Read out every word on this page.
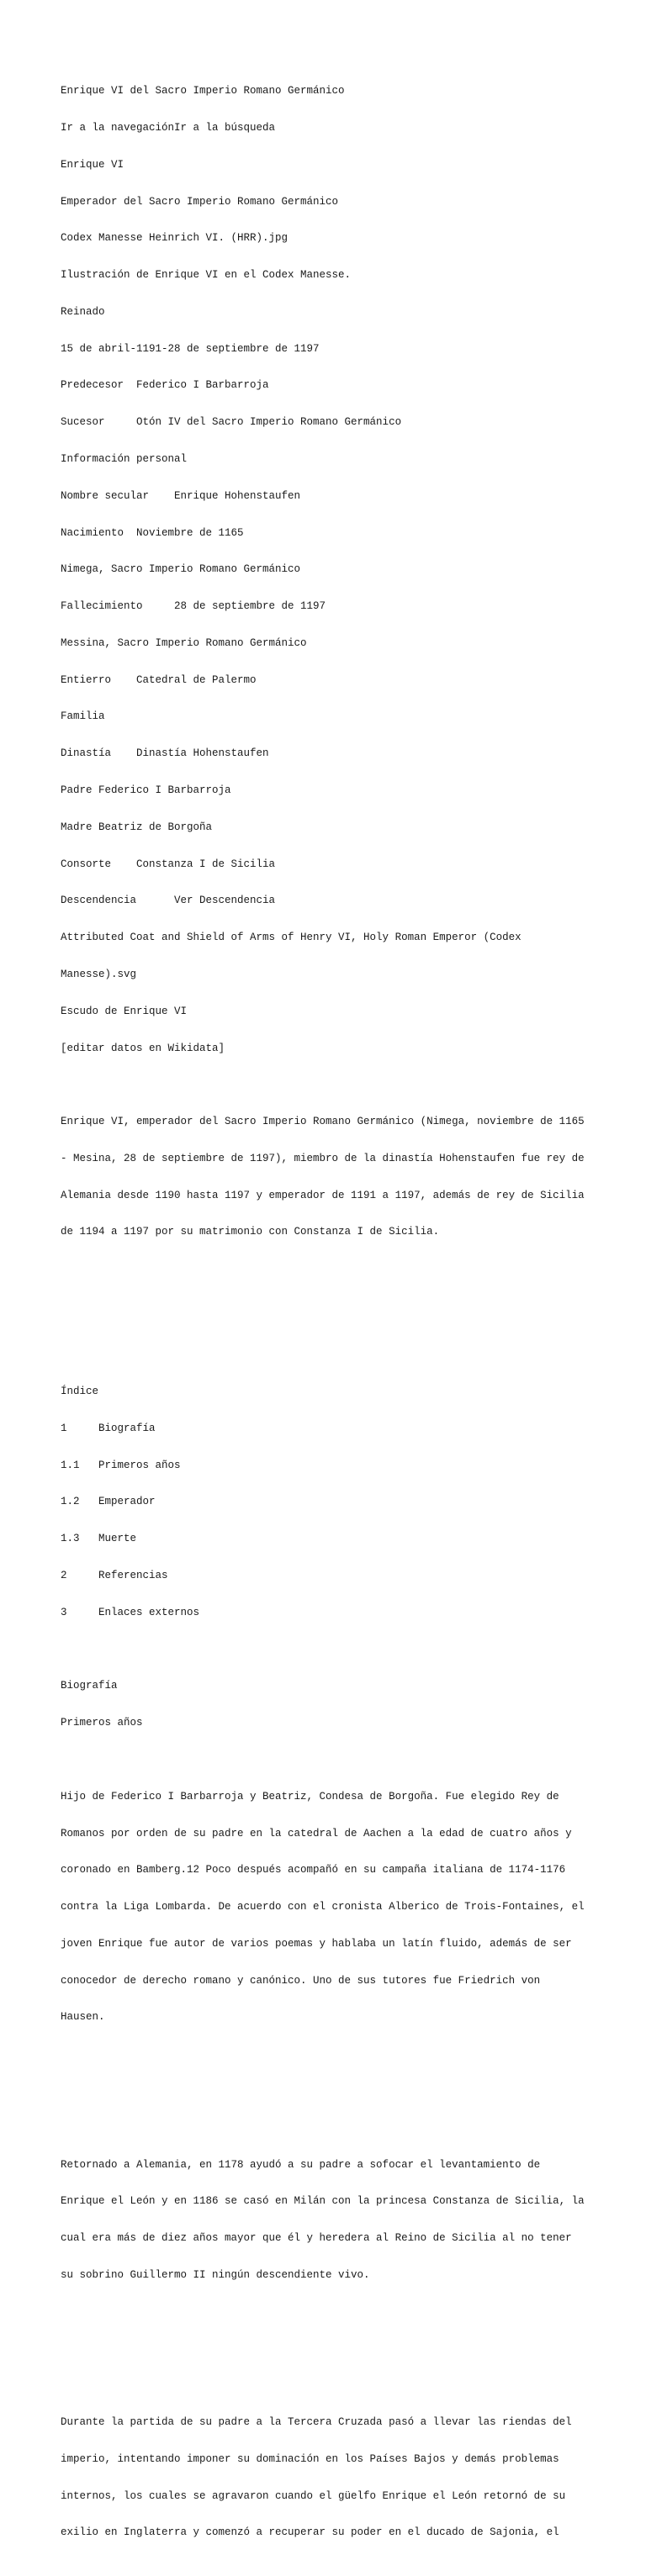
Enrique VI del Sacro Imperio Romano Germánico

Ir a la navegaciónIr a la búsqueda

Enrique VI

Emperador del Sacro Imperio Romano Germánico

Codex Manesse Heinrich VI. (HRR).jpg

Ilustración de Enrique VI en el Codex Manesse.

Reinado

15 de abril-1191-28 de septiembre de 1197

Predecesor  Federico I Barbarroja

Sucesor     Otón IV del Sacro Imperio Romano Germánico

Información personal

Nombre secular    Enrique Hohenstaufen

Nacimiento  Noviembre de 1165

Nimega, Sacro Imperio Romano Germánico

Fallecimiento     28 de septiembre de 1197

Messina, Sacro Imperio Romano Germánico

Entierro    Catedral de Palermo

Familia

Dinastía    Dinastía Hohenstaufen

Padre Federico I Barbarroja

Madre Beatriz de Borgoña

Consorte    Constanza I de Sicilia

Descendencia      Ver Descendencia

Attributed Coat and Shield of Arms of Henry VI, Holy Roman Emperor (Codex

Manesse).svg

Escudo de Enrique VI

[editar datos en Wikidata]

Enrique VI, emperador del Sacro Imperio Romano Germánico (Nimega, noviembre de 1165

- Mesina, 28 de septiembre de 1197), miembro de la dinastía Hohenstaufen fue rey de

Alemania desde 1190 hasta 1197 y emperador de 1191 a 1197, además de rey de Sicilia

de 1194 a 1197 por su matrimonio con Constanza I de Sicilia.

Índice

1     Biografía

1.1   Primeros años

1.2   Emperador

1.3   Muerte

2     Referencias

3     Enlaces externos

Biografía

Primeros años

Hijo de Federico I Barbarroja y Beatriz, Condesa de Borgoña. Fue elegido Rey de

Romanos por orden de su padre en la catedral de Aachen a la edad de cuatro años y

coronado en Bamberg.12 Poco después acompañó en su campaña italiana de 1174-1176

contra la Liga Lombarda. De acuerdo con el cronista Alberico de Trois-Fontaines, el

joven Enrique fue autor de varios poemas y hablaba un latín fluido, además de ser

conocedor de derecho romano y canónico. Uno de sus tutores fue Friedrich von

Hausen.

Retornado a Alemania, en 1178 ayudó a su padre a sofocar el levantamiento de

Enrique el León y en 1186 se casó en Milán con la princesa Constanza de Sicilia, la

cual era más de diez años mayor que él y heredera al Reino de Sicilia al no tener

su sobrino Guillermo II ningún descendiente vivo.

Durante la partida de su padre a la Tercera Cruzada pasó a llevar las riendas del

imperio, intentando imponer su dominación en los Países Bajos y demás problemas

internos, los cuales se agravaron cuando el güelfo Enrique el León retornó de su

exilio en Inglaterra y comenzó a recuperar su poder en el ducado de Sajonia, el
